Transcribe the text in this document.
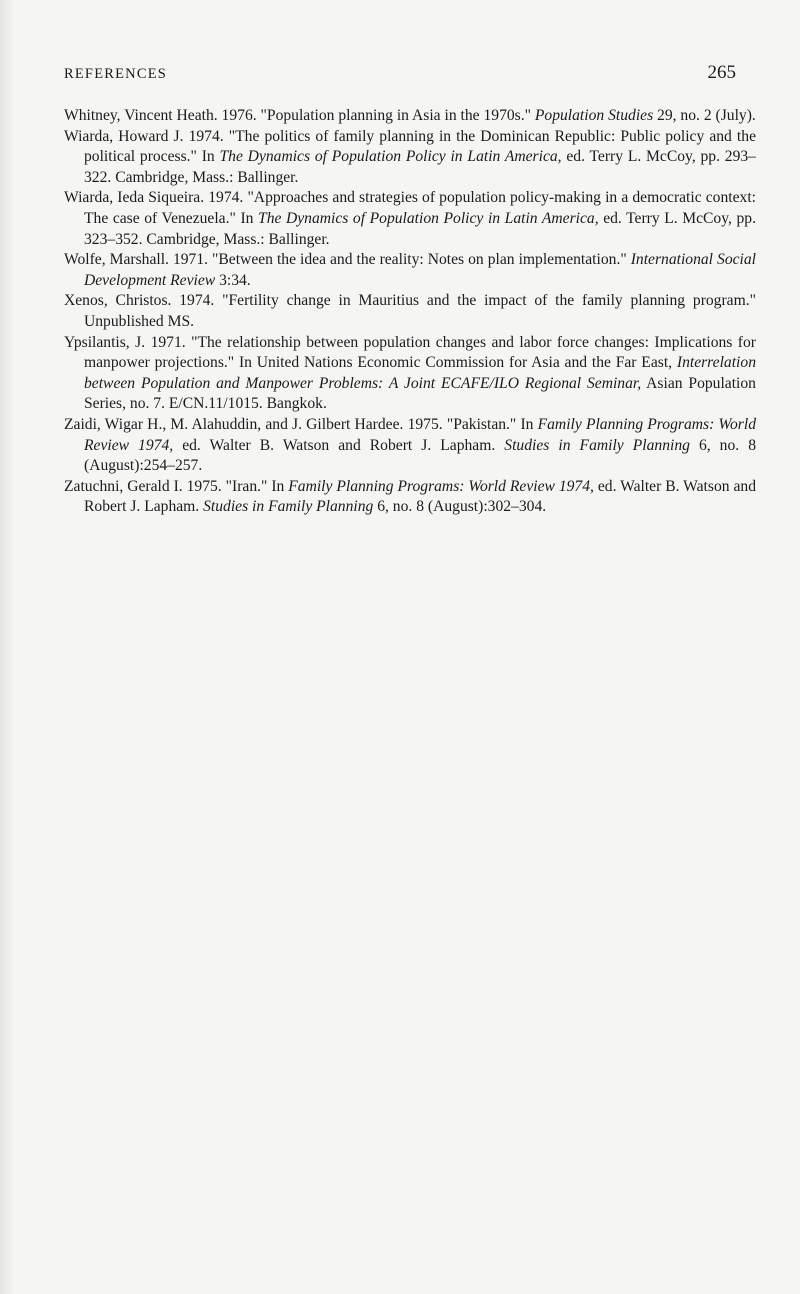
REFERENCES	265

Whitney, Vincent Heath. 1976. "Population planning in Asia in the 1970s." Population Studies 29, no. 2 (July).

Wiarda, Howard J. 1974. "The politics of family planning in the Dominican Republic: Public policy and the political process." In The Dynamics of Population Policy in Latin America, ed. Terry L. McCoy, pp. 293–322. Cambridge, Mass.: Ballinger.

Wiarda, Ieda Siqueira. 1974. "Approaches and strategies of population policy-making in a democratic context: The case of Venezuela." In The Dynamics of Population Policy in Latin America, ed. Terry L. McCoy, pp. 323–352. Cambridge, Mass.: Ballinger.

Wolfe, Marshall. 1971. "Between the idea and the reality: Notes on plan implementation." International Social Development Review 3:34.

Xenos, Christos. 1974. "Fertility change in Mauritius and the impact of the family planning program." Unpublished MS.

Ypsilantis, J. 1971. "The relationship between population changes and labor force changes: Implications for manpower projections." In United Nations Economic Commission for Asia and the Far East, Interrelation between Population and Manpower Problems: A Joint ECAFE/ILO Regional Seminar, Asian Population Series, no. 7. E/CN.11/1015. Bangkok.

Zaidi, Wigar H., M. Alahuddin, and J. Gilbert Hardee. 1975. "Pakistan." In Family Planning Programs: World Review 1974, ed. Walter B. Watson and Robert J. Lapham. Studies in Family Planning 6, no. 8 (August):254–257.

Zatuchni, Gerald I. 1975. "Iran." In Family Planning Programs: World Review 1974, ed. Walter B. Watson and Robert J. Lapham. Studies in Family Planning 6, no. 8 (August):302–304.
